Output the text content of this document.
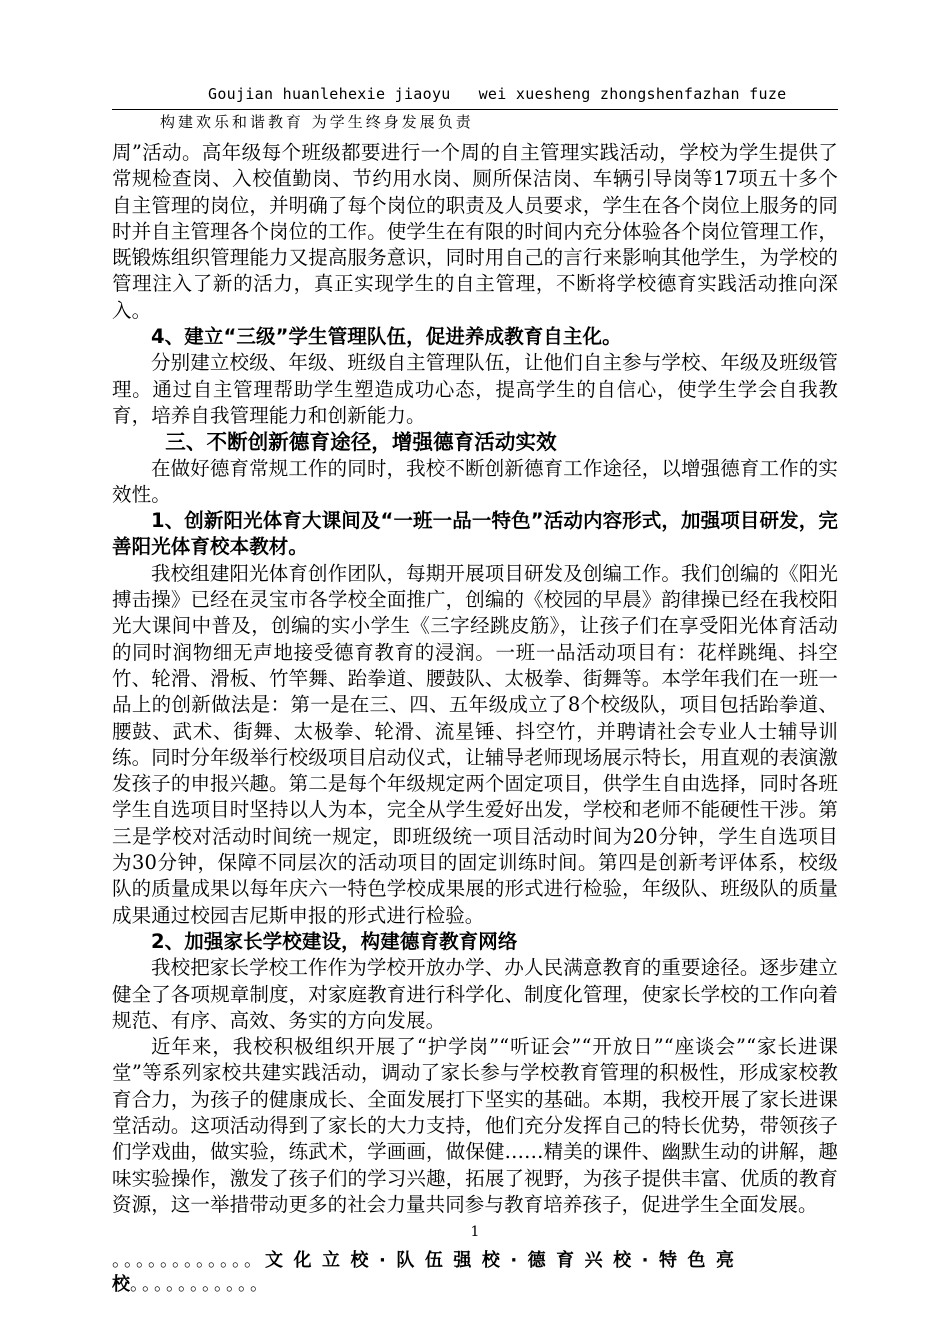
Goujian huanlehexie jiaoyu   wei xuesheng zhongshenfazhan fuze
构建欢乐和谐教育 为学生终身发展负责

周”活动。高年级每个班级都要进行一个周的自主管理实践活动，学校为学生提供了常规检查岗、入校值勤岗、节约用水岗、厕所保洁岗、车辆引导岗等17项五十多个自主管理的岗位，并明确了每个岗位的职责及人员要求，学生在各个岗位上服务的同时并自主管理各个岗位的工作。使学生在有限的时间内充分体验各个岗位管理工作，既锻炼组织管理能力又提高服务意识，同时用自己的言行来影响其他学生，为学校的管理注入了新的活力，真正实现学生的自主管理，不断将学校德育实践活动推向深入。

4、建立“三级”学生管理队伍，促进养成教育自主化。

分别建立校级、年级、班级自主管理队伍，让他们自主参与学校、年级及班级管理。通过自主管理帮助学生塑造成功心态，提高学生的自信心，使学生学会自我教育，培养自我管理能力和创新能力。

三、不断创新德育途径，增强德育活动实效

在做好德育常规工作的同时，我校不断创新德育工作途径，以增强德育工作的实效性。

1、创新阳光体育大课间及“一班一品一特色”活动内容形式，加强项目研发，完善阳光体育校本教材。

我校组建阳光体育创作团队，每期开展项目研发及创编工作。我们创编的《阳光搏击操》已经在灵宝市各学校全面推广，创编的《校园的早晨》韵律操已经在我校阳光大课间中普及，创编的实小学生《三字经跳皮筋》，让孩子们在享受阳光体育活动的同时润物细无声地接受德育教育的浸润。一班一品活动项目有：花样跳绳、抖空竹、轮滑、滑板、竹竿舞、跆拳道、腰鼓队、太极拳、街舞等。本学年我们在一班一品上的创新做法是：第一是在三、四、五年级成立了8个校级队，项目包括跆拳道、腰鼓、武术、街舞、太极拳、轮滑、流星锤、抖空竹，并聘请社会专业人士辅导训练。同时分年级举行校级项目启动仪式，让辅导老师现场展示特长，用直观的表演激发孩子的申报兴趣。第二是每个年级规定两个固定项目，供学生自由选择，同时各班学生自选项目时坚持以人为本，完全从学生爱好出发，学校和老师不能硬性干涉。第三是学校对活动时间统一规定，即班级统一项目活动时间为20分钟，学生自选项目为30分钟，保障不同层次的活动项目的固定训练时间。第四是创新考评体系，校级队的质量成果以每年庆六一特色学校成果展的形式进行检验，年级队、班级队的质量成果通过校园吉尼斯申报的形式进行检验。

2、加强家长学校建设，构建德育教育网络

我校把家长学校工作作为学校开放办学、办人民满意教育的重要途径。逐步建立健全了各项规章制度，对家庭教育进行科学化、制度化管理，使家长学校的工作向着规范、有序、高效、务实的方向发展。

近年来，我校积极组织开展了“护学岗”“听证会”“开放日”“座谈会”“家长进课堂”等系列家校共建实践活动，调动了家长参与学校教育管理的积极性，形成家校教育合力，为孩子的健康成长、全面发展打下坚实的基础。本期，我校开展了家长进课堂活动。这项活动得到了家长的大力支持，他们充分发挥自己的特长优势，带领孩子们学戏曲，做实验，练武术，学画画，做保健……精美的课件、幽默生动的讲解，趣味实验操作，激发了孩子们的学习兴趣，拓展了视野，为孩子提供丰富、优质的教育资源，这一举措带动更多的社会力量共同参与教育培养孩子，促进学生全面发展。

1
。。。。。。。。。。。。文化立校·队伍强校·德育兴校·特色亮
校。。。。。。。。。。。
